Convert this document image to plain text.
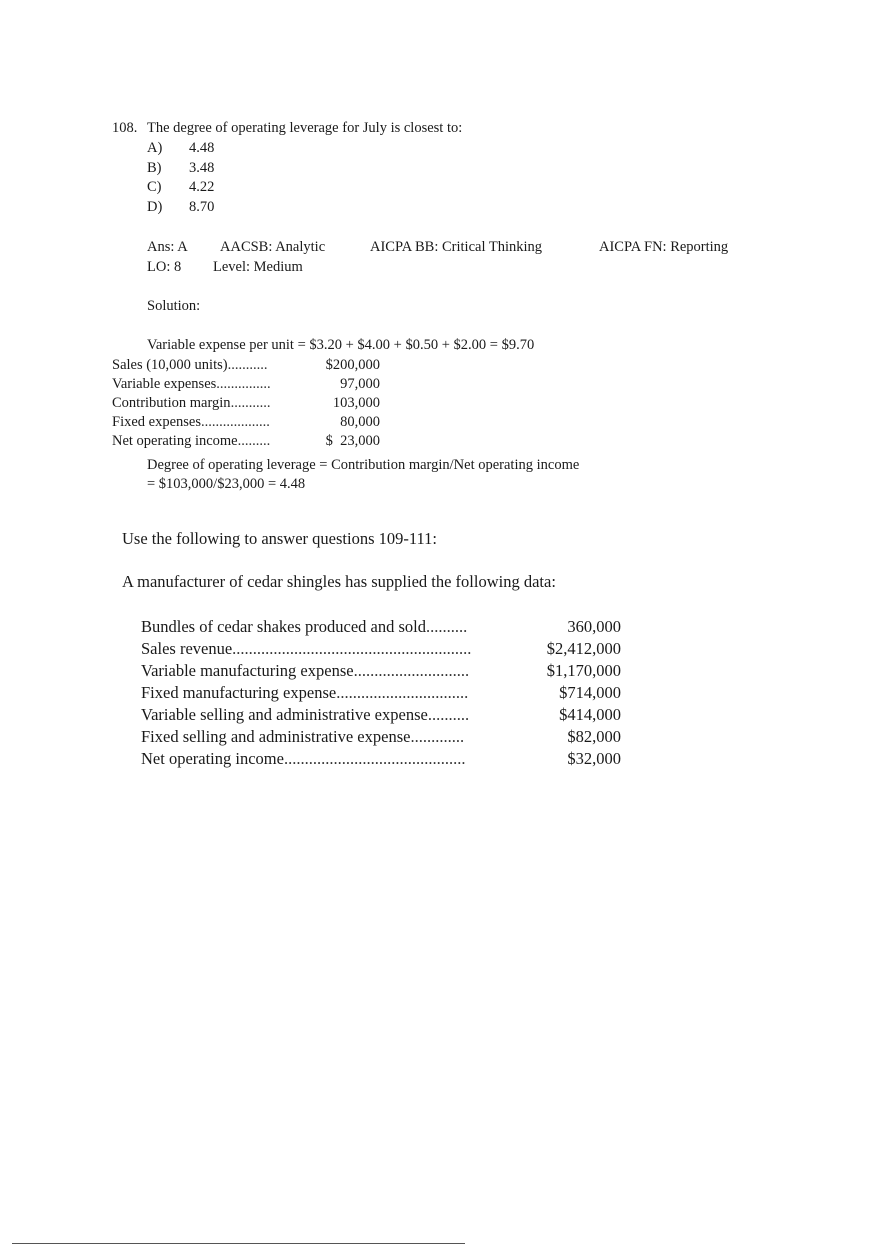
108. The degree of operating leverage for July is closest to:
A) 4.48
B) 3.48
C) 4.22
D) 8.70
Ans: A AACSB: Analytic	AICPA BB: Critical Thinking	AICPA FN: Reporting
LO: 8 Level: Medium
Solution:
Variable expense per unit = $3.20 + $4.00 + $0.50 + $2.00 = $9.70
Sales (10,000 units)...........	$200,000
Variable expenses...............	97,000
Contribution margin...........	103,000
Fixed expenses...................	80,000
Net operating income.........	$  23,000
Degree of operating leverage = Contribution margin/Net operating income
= $103,000/$23,000 = 4.48
Use the following to answer questions 109-111:
A manufacturer of cedar shingles has supplied the following data:
Bundles of cedar shakes produced and sold..........	360,000
Sales revenue..........................................................	$2,412,000
Variable manufacturing expense............................	$1,170,000
Fixed manufacturing expense................................	$714,000
Variable selling and administrative expense..........	$414,000
Fixed selling and administrative expense.............	$82,000
Net operating income............................................	$32,000
